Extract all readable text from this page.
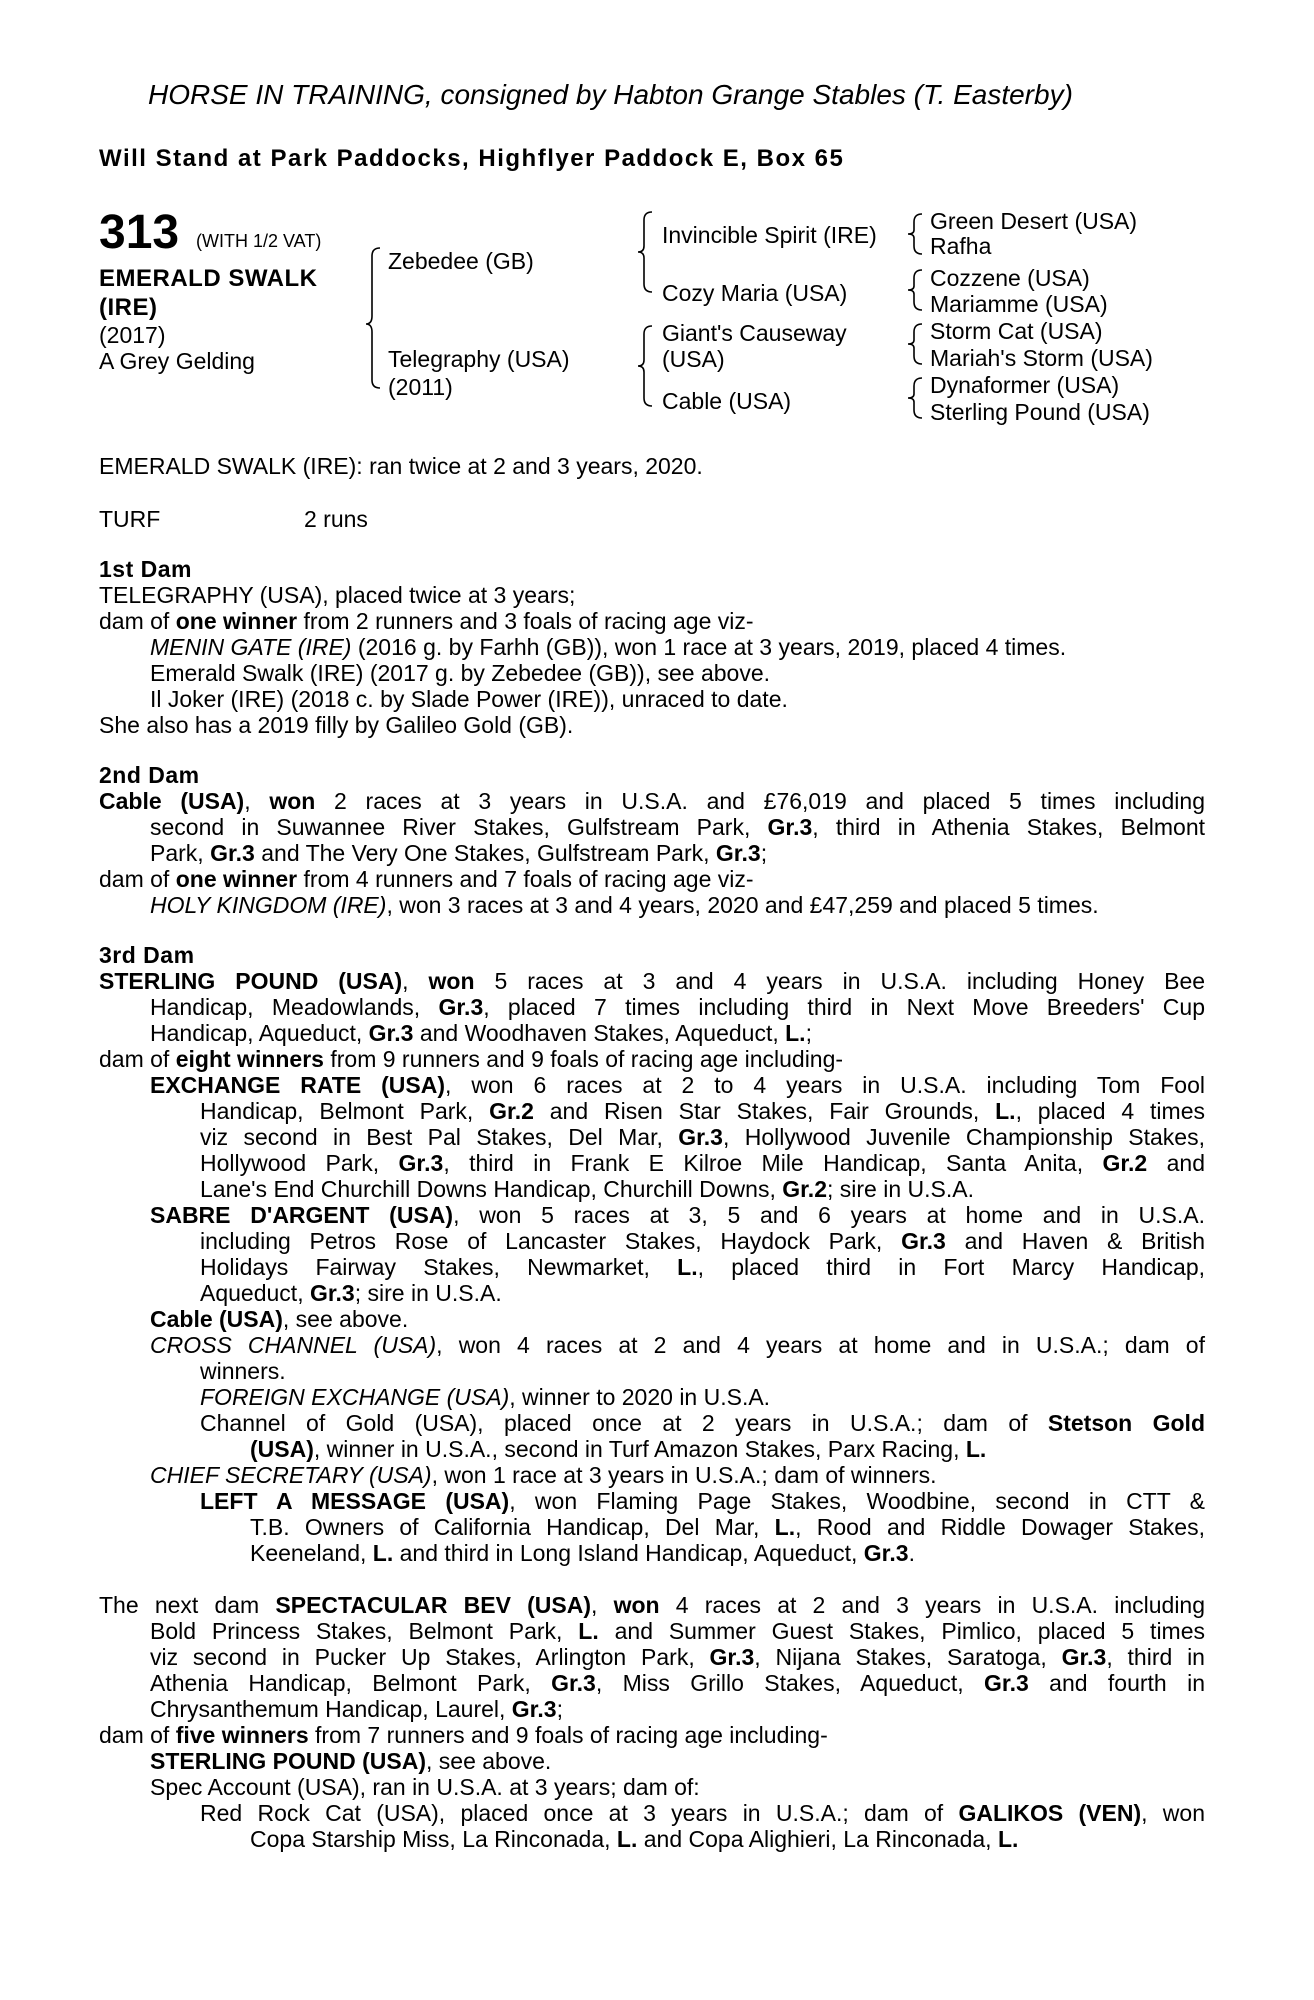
HORSE IN TRAINING, consigned by Habton Grange Stables (T. Easterby)
Will Stand at Park Paddocks, Highflyer Paddock E, Box 65
313 (WITH 1/2 VAT)
EMERALD SWALK
(IRE)
(2017)
A Grey Gelding
Zebedee (GB)
Telegraphy (USA)
(2011)
Invincible Spirit (IRE)
Cozy Maria (USA)
Giant's Causeway
(USA)
Cable (USA)
Green Desert (USA)
Rafha
Cozzene (USA)
Mariamme (USA)
Storm Cat (USA)
Mariah's Storm (USA)
Dynaformer (USA)
Sterling Pound (USA)
EMERALD SWALK (IRE): ran twice at 2 and 3 years, 2020.
TURF	2 runs
1st Dam
TELEGRAPHY (USA), placed twice at 3 years;
dam of one winner from 2 runners and 3 foals of racing age viz-
MENIN GATE (IRE) (2016 g. by Farhh (GB)), won 1 race at 3 years, 2019, placed 4 times.
Emerald Swalk (IRE) (2017 g. by Zebedee (GB)), see above.
Il Joker (IRE) (2018 c. by Slade Power (IRE)), unraced to date.
She also has a 2019 filly by Galileo Gold (GB).
2nd Dam
Cable (USA), won 2 races at 3 years in U.S.A. and £76,019 and placed 5 times including
second in Suwannee River Stakes, Gulfstream Park, Gr.3, third in Athenia Stakes, Belmont
Park, Gr.3 and The Very One Stakes, Gulfstream Park, Gr.3;
dam of one winner from 4 runners and 7 foals of racing age viz-
HOLY KINGDOM (IRE), won 3 races at 3 and 4 years, 2020 and £47,259 and placed 5 times.
3rd Dam
STERLING POUND (USA), won 5 races at 3 and 4 years in U.S.A. including Honey Bee
Handicap, Meadowlands, Gr.3, placed 7 times including third in Next Move Breeders' Cup
Handicap, Aqueduct, Gr.3 and Woodhaven Stakes, Aqueduct, L.;
dam of eight winners from 9 runners and 9 foals of racing age including-
EXCHANGE RATE (USA), won 6 races at 2 to 4 years in U.S.A. including Tom Fool
Handicap, Belmont Park, Gr.2 and Risen Star Stakes, Fair Grounds, L., placed 4 times
viz second in Best Pal Stakes, Del Mar, Gr.3, Hollywood Juvenile Championship Stakes,
Hollywood Park, Gr.3, third in Frank E Kilroe Mile Handicap, Santa Anita, Gr.2 and
Lane's End Churchill Downs Handicap, Churchill Downs, Gr.2; sire in U.S.A.
SABRE D'ARGENT (USA), won 5 races at 3, 5 and 6 years at home and in U.S.A.
including Petros Rose of Lancaster Stakes, Haydock Park, Gr.3 and Haven & British
Holidays Fairway Stakes, Newmarket, L., placed third in Fort Marcy Handicap,
Aqueduct, Gr.3; sire in U.S.A.
Cable (USA), see above.
CROSS CHANNEL (USA), won 4 races at 2 and 4 years at home and in U.S.A.; dam of
winners.
FOREIGN EXCHANGE (USA), winner to 2020 in U.S.A.
Channel of Gold (USA), placed once at 2 years in U.S.A.; dam of Stetson Gold
(USA), winner in U.S.A., second in Turf Amazon Stakes, Parx Racing, L.
CHIEF SECRETARY (USA), won 1 race at 3 years in U.S.A.; dam of winners.
LEFT A MESSAGE (USA), won Flaming Page Stakes, Woodbine, second in CTT &
T.B. Owners of California Handicap, Del Mar, L., Rood and Riddle Dowager Stakes,
Keeneland, L. and third in Long Island Handicap, Aqueduct, Gr.3.
The next dam SPECTACULAR BEV (USA), won 4 races at 2 and 3 years in U.S.A. including
Bold Princess Stakes, Belmont Park, L. and Summer Guest Stakes, Pimlico, placed 5 times
viz second in Pucker Up Stakes, Arlington Park, Gr.3, Nijana Stakes, Saratoga, Gr.3, third in
Athenia Handicap, Belmont Park, Gr.3, Miss Grillo Stakes, Aqueduct, Gr.3 and fourth in
Chrysanthemum Handicap, Laurel, Gr.3;
dam of five winners from 7 runners and 9 foals of racing age including-
STERLING POUND (USA), see above.
Spec Account (USA), ran in U.S.A. at 3 years; dam of:
Red Rock Cat (USA), placed once at 3 years in U.S.A.; dam of GALIKOS (VEN), won
Copa Starship Miss, La Rinconada, L. and Copa Alighieri, La Rinconada, L.
